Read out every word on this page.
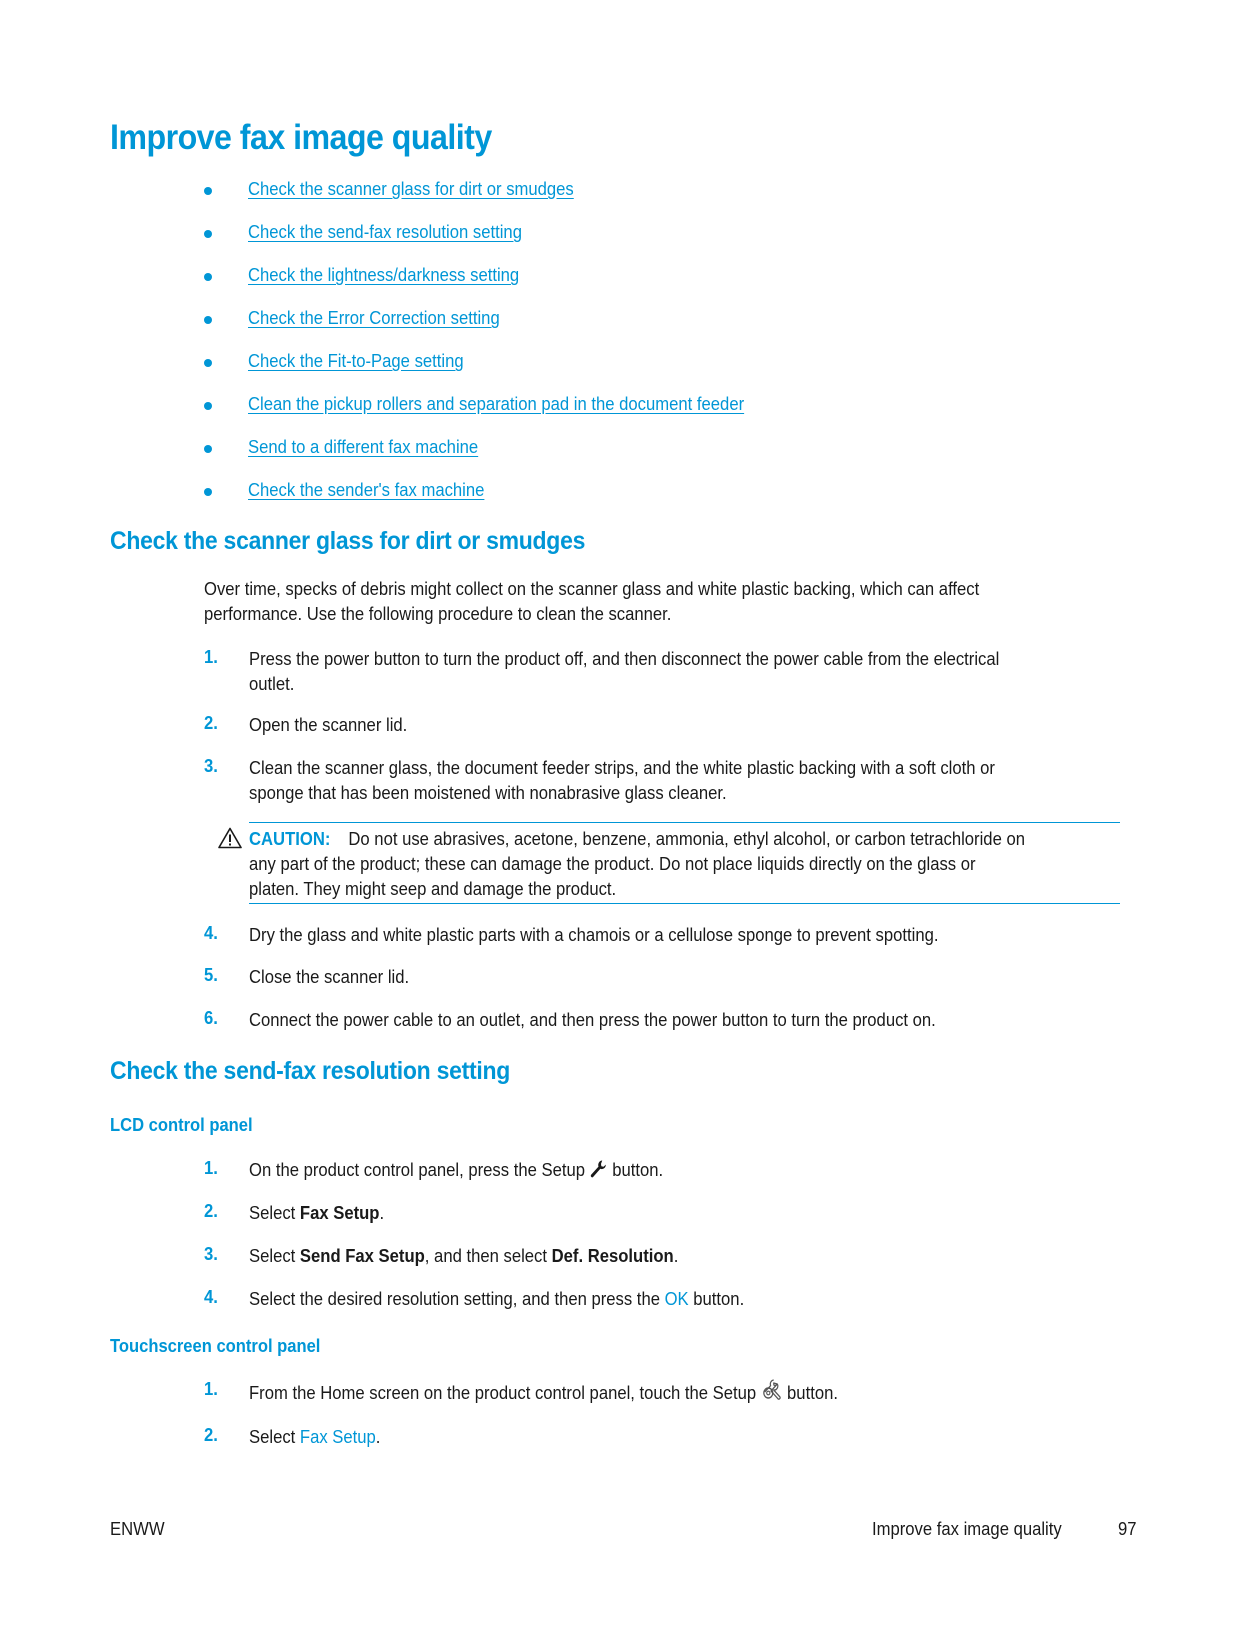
Improve fax image quality
Check the scanner glass for dirt or smudges
Check the send-fax resolution setting
Check the lightness/darkness setting
Check the Error Correction setting
Check the Fit-to-Page setting
Clean the pickup rollers and separation pad in the document feeder
Send to a different fax machine
Check the sender's fax machine
Check the scanner glass for dirt or smudges
Over time, specks of debris might collect on the scanner glass and white plastic backing, which can affect
performance. Use the following procedure to clean the scanner.
1. Press the power button to turn the product off, and then disconnect the power cable from the electrical
outlet.
2. Open the scanner lid.
3. Clean the scanner glass, the document feeder strips, and the white plastic backing with a soft cloth or
sponge that has been moistened with nonabrasive glass cleaner.
CAUTION: Do not use abrasives, acetone, benzene, ammonia, ethyl alcohol, or carbon tetrachloride on
any part of the product; these can damage the product. Do not place liquids directly on the glass or
platen. They might seep and damage the product.
4. Dry the glass and white plastic parts with a chamois or a cellulose sponge to prevent spotting.
5. Close the scanner lid.
6. Connect the power cable to an outlet, and then press the power button to turn the product on.
Check the send-fax resolution setting
LCD control panel
1. On the product control panel, press the Setup button.
2. Select Fax Setup.
3. Select Send Fax Setup, and then select Def. Resolution.
4. Select the desired resolution setting, and then press the OK button.
Touchscreen control panel
1. From the Home screen on the product control panel, touch the Setup button.
2. Select Fax Setup.
ENWW	Improve fax image quality	97
